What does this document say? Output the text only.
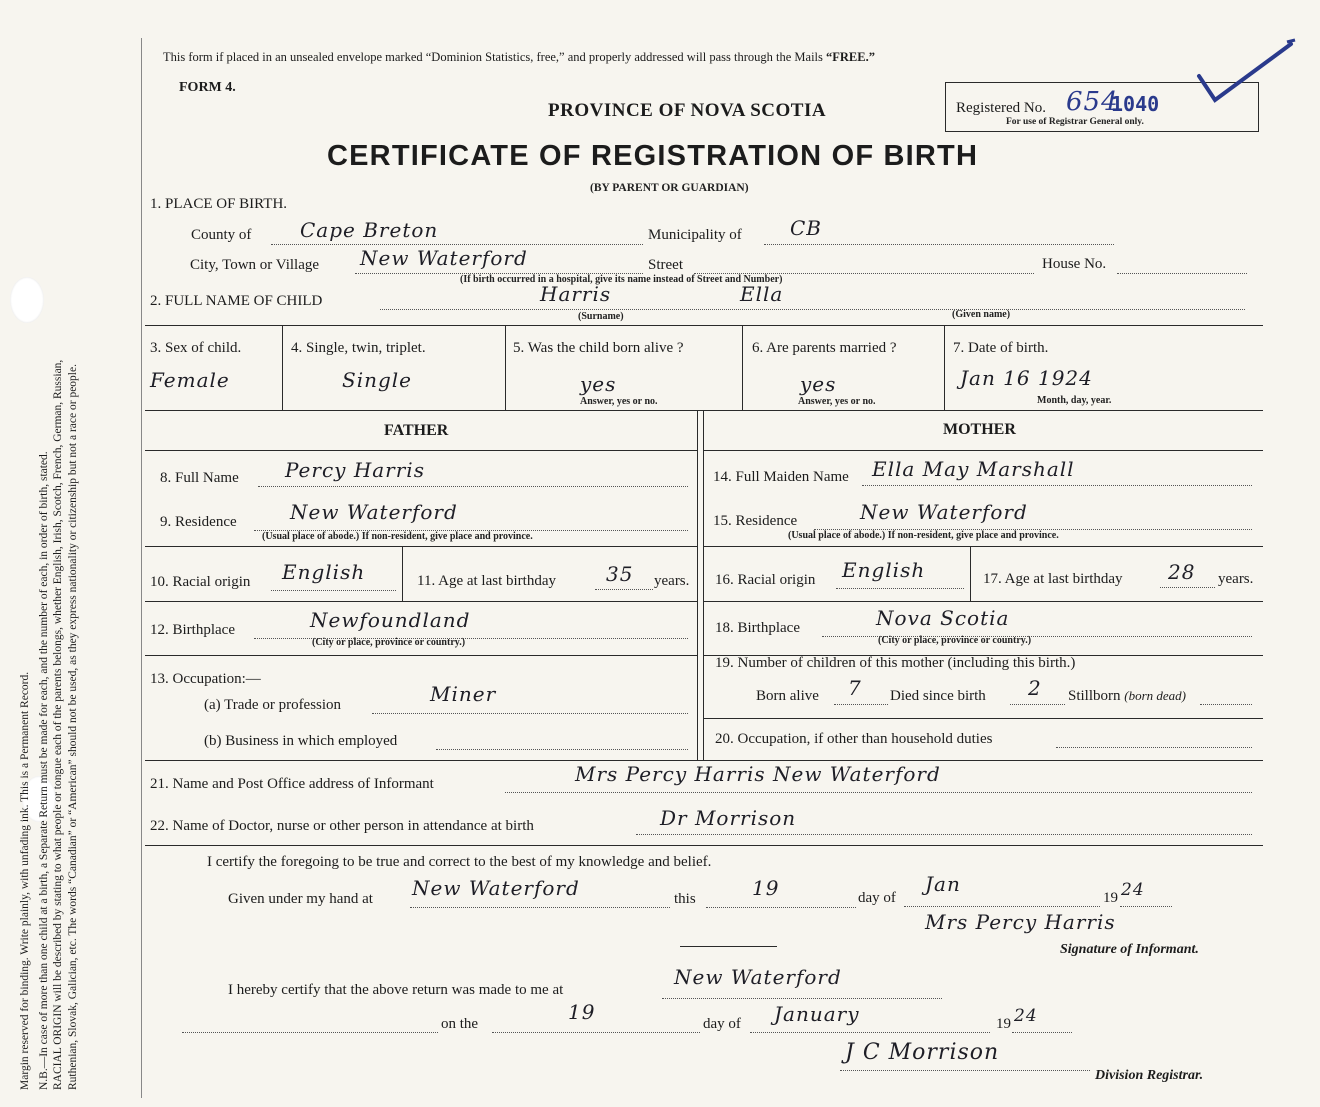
Margin reserved for binding. Write plainly, with unfading ink. This is a Permanent Record. N.B.—In case of more than one child at a birth, a Separate Return must be made for each, and the number of each, in order of birth, stated. RACIAL ORIGIN will be described by stating to what people or tongue each of the parents belongs, whether English, Irish, Scotch, French, German, Russian, Ruthenian, Slovak, Galician, etc. The words “Canadian” or “American” should not be used, as they express nationality or citizenship but not a race or people.
This form if placed in an unsealed envelope marked “Dominion Statistics, free,” and properly addressed will pass through the Mails “FREE.”
FORM 4.
PROVINCE OF NOVA SCOTIA
CERTIFICATE OF REGISTRATION OF BIRTH
(BY PARENT OR GUARDIAN)
Registered No. 654
1040
For use of Registrar General only.
1. PLACE OF BIRTH.
County of Cape Breton	Municipality of CB
City, Town or Village New Waterford	Street	House No.
(If birth occurred in a hospital, give its name instead of Street and Number)
2. FULL NAME OF CHILD	Harris	Ella
(Surname)	(Given name)
3. Sex of child.
Female
4. Single, twin, triplet.
Single
5. Was the child born alive ?
yes
Answer, yes or no.
6. Are parents married ?
yes
Answer, yes or no.
7. Date of birth.
Jan 16 1924
Month, day, year.
FATHER	MOTHER
8. Full Name Percy Harris
9. Residence	New Waterford
(Usual place of abode.) If non-resident, give place and province.
10. Racial origin English	11. Age at last birthday	35 years.
12. Birthplace	Newfoundland
(City or place, province or country.)
13. Occupation:—
(a) Trade or profession	Miner
(b) Business in which employed
14. Full Maiden Name Ella May Marshall
15. Residence	New Waterford
(Usual place of abode.) If non-resident, give place and province.
16. Racial origin English	17. Age at last birthday 28 years.
18. Birthplace	Nova Scotia
(City or place, province or country.)
19. Number of children of this mother (including this birth.)
Born alive 7 Died since birth 2 Stillborn (born dead)
20. Occupation, if other than household duties
21. Name and Post Office address of Informant	Mrs Percy Harris New Waterford
22. Name of Doctor, nurse or other person in attendance at birth	Dr Morrison
I certify the foregoing to be true and correct to the best of my knowledge and belief.
Given under my hand at New Waterford	this	19	day of
Jan
19 24
Mrs Percy Harris
Signature of Informant.
I hereby certify that the above return was made to me at
New Waterford
on the	19	day of January	19 24
J C Morrison
Division Registrar.
